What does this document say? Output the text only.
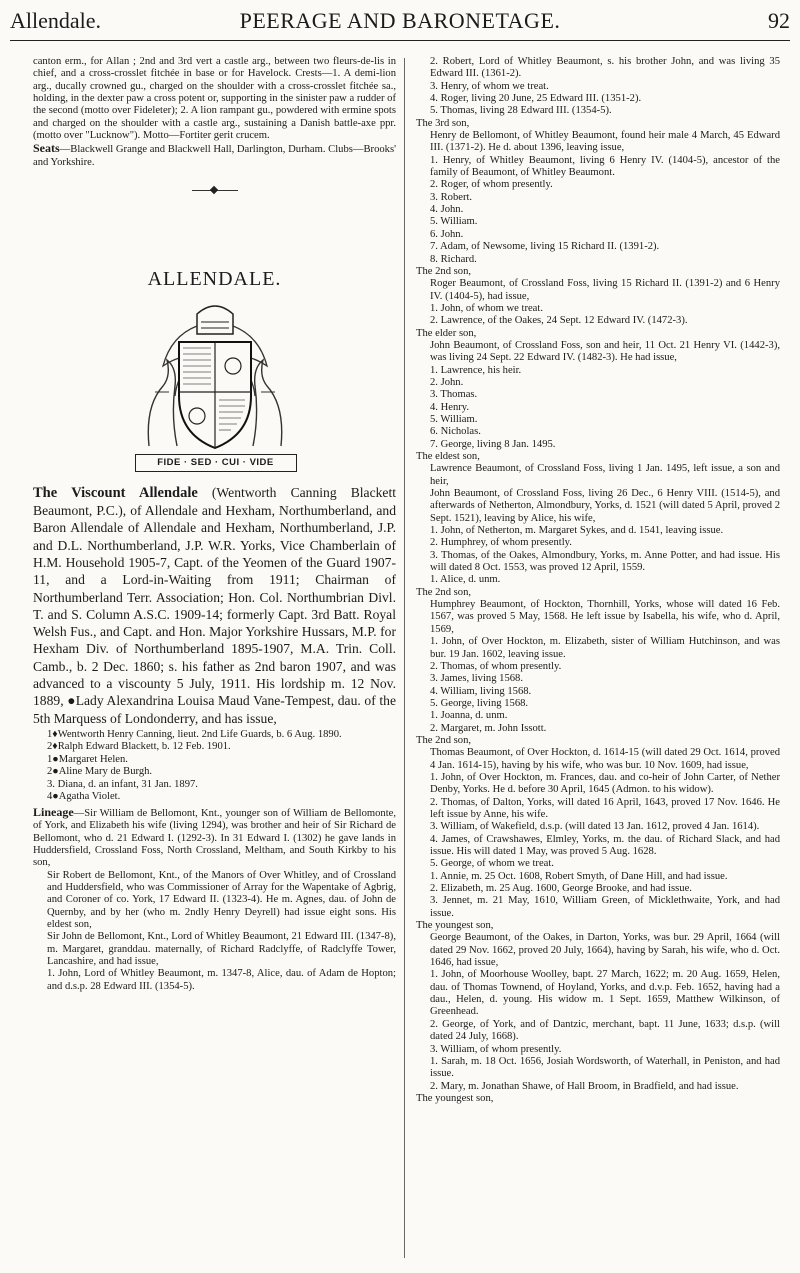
Allendale.	PEERAGE AND BARONETAGE.	92

canton erm., for Allan ; 2nd and 3rd vert a castle arg., between two fleurs-de-lis in chief, and a cross-crosslet fitchée in base or for Havelock. Crests—1. A demi-lion arg., ducally crowned gu., charged on the shoulder with a cross-crosslet fitchée sa., holding, in the dexter paw a cross potent or, supporting in the sinister paw a rudder of the second (motto over Fideleter); 2. A lion rampant gu., powdered with ermine spots and charged on the shoulder with a castle arg., sustaining a Danish battle-axe ppr. (motto over "Lucknow"). Motto—Fortiter gerit crucem.

Seats—Blackwell Grange and Blackwell Hall, Darlington, Durham. Clubs—Brooks' and Yorkshire.

ALLENDALE.
FIDE · SED · CUI · VIDE

The Viscount Allendale (Wentworth Canning Blackett Beaumont, P.C.), of Allendale and Hexham, Northumberland, and Baron Allendale of Allendale and Hexham, Northumberland, J.P. and D.L. Northumberland, J.P. W.R. Yorks, Vice Chamberlain of H.M. Household 1905-7, Capt. of the Yeomen of the Guard 1907-11, and a Lord-in-Waiting from 1911; Chairman of Northumberland Terr. Association; Hon. Col. Northumbrian Divl. T. and S. Column A.S.C. 1909-14; formerly Capt. 3rd Batt. Royal Welsh Fus., and Capt. and Hon. Major Yorkshire Hussars, M.P. for Hexham Div. of Northumberland 1895-1907, M.A. Trin. Coll. Camb., b. 2 Dec. 1860; s. his father as 2nd baron 1907, and was advanced to a viscounty 5 July, 1911. His lordship m. 12 Nov. 1889, ●Lady Alexandrina Louisa Maud Vane-Tempest, dau. of the 5th Marquess of Londonderry, and has issue,

1♦Wentworth Henry Canning, lieut. 2nd Life Guards, b. 6 Aug. 1890.

2♦Ralph Edward Blackett, b. 12 Feb. 1901.

1●Margaret Helen.

2●Aline Mary de Burgh.

3. Diana, d. an infant, 31 Jan. 1897.

4●Agatha Violet.

Lineage—Sir William de Bellomont, Knt., younger son of William de Bellomonte, of York, and Elizabeth his wife (living 1294), was brother and heir of Sir Richard de Bellomont, who d. 21 Edward I. (1292-3). In 31 Edward I. (1302) he gave lands in Huddersfield, Crossland Foss, North Crossland, Meltham, and South Kirkby to his son,

Sir Robert de Bellomont, Knt., of the Manors of Over Whitley, and of Crossland and Huddersfield, who was Commissioner of Array for the Wapentake of Agbrig, and Coroner of co. York, 17 Edward II. (1323-4). He m. Agnes, dau. of John de Quernby, and by her (who m. 2ndly Henry Deyrell) had issue eight sons. His eldest son,

Sir John de Bellomont, Knt., Lord of Whitley Beaumont, 21 Edward III. (1347-8), m. Margaret, granddau. maternally, of Richard Radclyffe, of Radclyffe Tower, Lancashire, and had issue,

1. John, Lord of Whitley Beaumont, m. 1347-8, Alice, dau. of Adam de Hopton; and d.s.p. 28 Edward III. (1354-5).

2. Robert, Lord of Whitley Beaumont, s. his brother John, and was living 35 Edward III. (1361-2).

3. Henry, of whom we treat.

4. Roger, living 20 June, 25 Edward III. (1351-2).

5. Thomas, living 28 Edward III. (1354-5).

The 3rd son,

Henry de Bellomont, of Whitley Beaumont, found heir male 4 March, 45 Edward III. (1371-2). He d. about 1396, leaving issue,

1. Henry, of Whitley Beaumont, living 6 Henry IV. (1404-5), ancestor of the family of Beaumont, of Whitley Beaumont.

2. Roger, of whom presently.

3. Robert.

4. John.

5. William.

6. John.

7. Adam, of Newsome, living 15 Richard II. (1391-2).

8. Richard.

The 2nd son,

Roger Beaumont, of Crossland Foss, living 15 Richard II. (1391-2) and 6 Henry IV. (1404-5), had issue,

1. John, of whom we treat.

2. Lawrence, of the Oakes, 24 Sept. 12 Edward IV. (1472-3).

The elder son,

John Beaumont, of Crossland Foss, son and heir, 11 Oct. 21 Henry VI. (1442-3), was living 24 Sept. 22 Edward IV. (1482-3). He had issue,

1. Lawrence, his heir.

2. John.

3. Thomas.

4. Henry.

5. William.

6. Nicholas.

7. George, living 8 Jan. 1495.

The eldest son,

Lawrence Beaumont, of Crossland Foss, living 1 Jan. 1495, left issue, a son and heir,

John Beaumont, of Crossland Foss, living 26 Dec., 6 Henry VIII. (1514-5), and afterwards of Netherton, Almondbury, Yorks, d. 1521 (will dated 5 April, proved 2 Sept. 1521), leaving by Alice, his wife,

1. John, of Netherton, m. Margaret Sykes, and d. 1541, leaving issue.

2. Humphrey, of whom presently.

3. Thomas, of the Oakes, Almondbury, Yorks, m. Anne Potter, and had issue. His will dated 8 Oct. 1553, was proved 12 April, 1559.

1. Alice, d. unm.

The 2nd son,

Humphrey Beaumont, of Hockton, Thornhill, Yorks, whose will dated 16 Feb. 1567, was proved 5 May, 1568. He left issue by Isabella, his wife, who d. April, 1569,

1. John, of Over Hockton, m. Elizabeth, sister of William Hutchinson, and was bur. 19 Jan. 1602, leaving issue.

2. Thomas, of whom presently.

3. James, living 1568.

4. William, living 1568.

5. George, living 1568.

1. Joanna, d. unm.

2. Margaret, m. John Issott.

The 2nd son,

Thomas Beaumont, of Over Hockton, d. 1614-15 (will dated 29 Oct. 1614, proved 4 Jan. 1614-15), having by his wife, who was bur. 10 Nov. 1609, had issue,

1. John, of Over Hockton, m. Frances, dau. and co-heir of John Carter, of Nether Denby, Yorks. He d. before 30 April, 1645 (Admon. to his widow).

2. Thomas, of Dalton, Yorks, will dated 16 April, 1643, proved 17 Nov. 1646. He left issue by Anne, his wife.

3. William, of Wakefield, d.s.p. (will dated 13 Jan. 1612, proved 4 Jan. 1614).

4. James, of Crawshawes, Elmley, Yorks, m. the dau. of Richard Slack, and had issue. His will dated 1 May, was proved 5 Aug. 1628.

5. George, of whom we treat.

1. Annie, m. 25 Oct. 1608, Robert Smyth, of Dane Hill, and had issue.

2. Elizabeth, m. 25 Aug. 1600, George Brooke, and had issue.

3. Jennet, m. 21 May, 1610, William Green, of Micklethwaite, York, and had issue.

The youngest son,

George Beaumont, of the Oakes, in Darton, Yorks, was bur. 29 April, 1664 (will dated 29 Nov. 1662, proved 20 July, 1664), having by Sarah, his wife, who d. Oct. 1646, had issue,

1. John, of Moorhouse Woolley, bapt. 27 March, 1622; m. 20 Aug. 1659, Helen, dau. of Thomas Townend, of Hoyland, Yorks, and d.v.p. Feb. 1652, having had a dau., Helen, d. young. His widow m. 1 Sept. 1659, Matthew Wilkinson, of Greenhead.

2. George, of York, and of Dantzic, merchant, bapt. 11 June, 1633; d.s.p. (will dated 24 July, 1668).

3. William, of whom presently.

1. Sarah, m. 18 Oct. 1656, Josiah Wordsworth, of Waterhall, in Peniston, and had issue.

2. Mary, m. Jonathan Shawe, of Hall Broom, in Bradfield, and had issue.

The youngest son,
